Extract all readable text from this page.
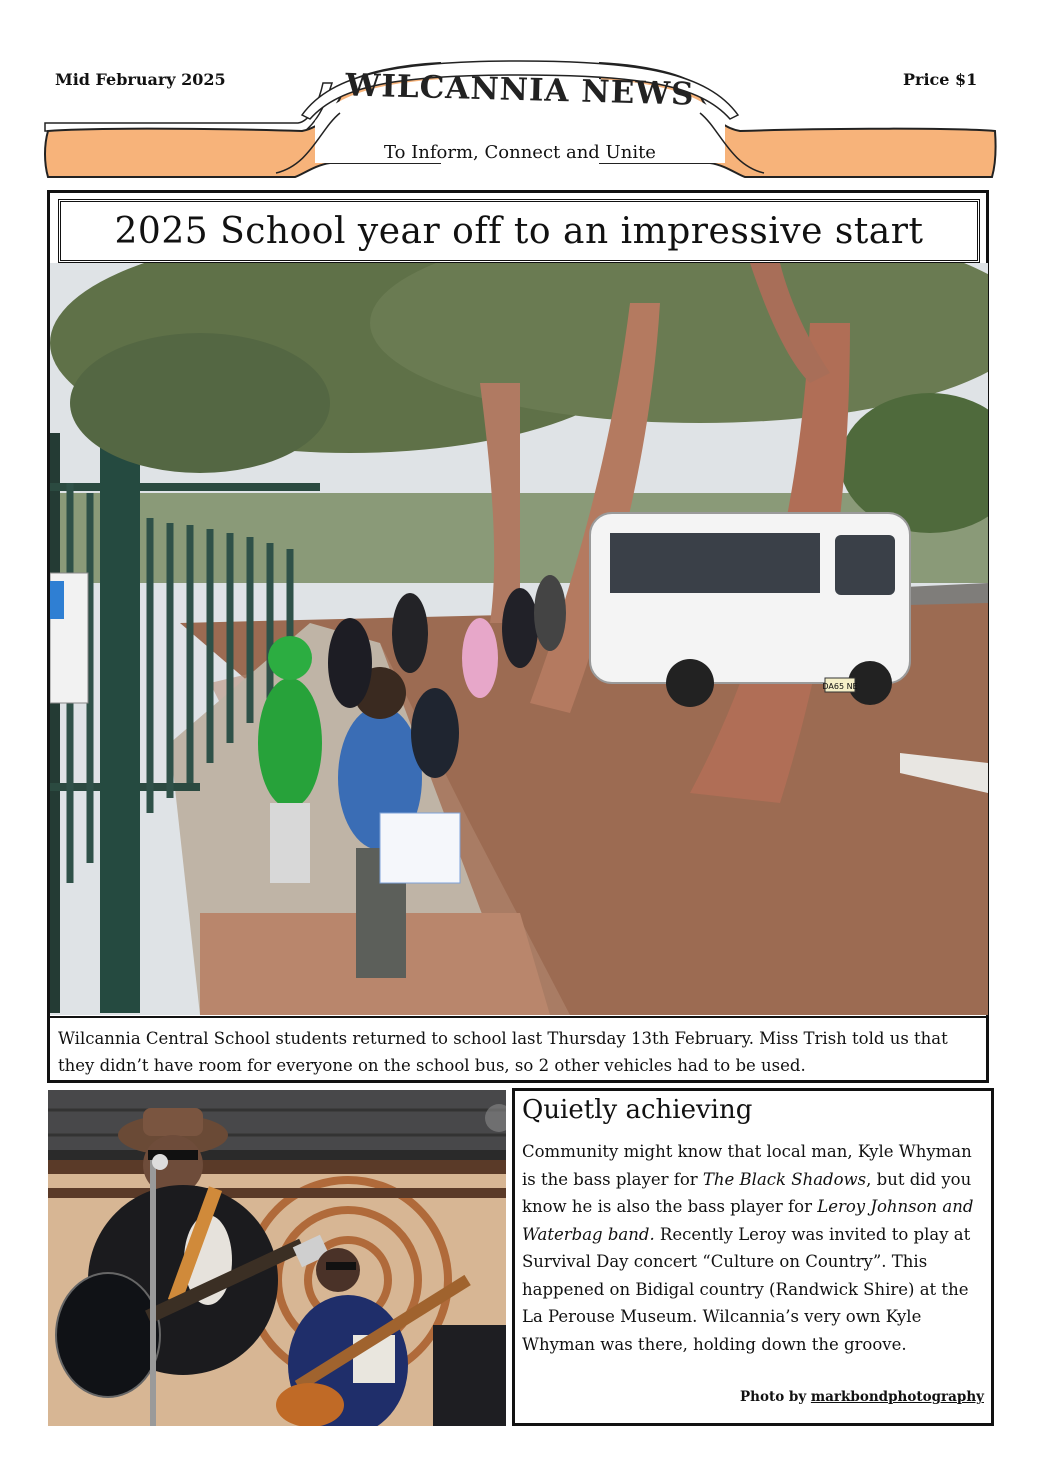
Mid February 2025	Price $1
WILCANNIA NEWS
To Inform, Connect and Unite
2025 School year off to an impressive start
DA65 NE
Wilcannia Central School students returned to school last Thursday 13th February. Miss Trish told us that they didn’t have room for everyone on the school bus, so 2 other vehicles had to be used.
Quietly achieving
Community might know that local man, Kyle Whyman is the bass player for The Black Shadows, but did you know he is also the bass player for Leroy Johnson and Waterbag band. Recently Leroy was invited to play at Survival Day concert “Culture on Country”. This happened on Bidigal country (Randwick Shire) at the La Perouse Museum. Wilcannia’s very own Kyle Whyman was there, holding down the groove.
Photo by markbondphotography
